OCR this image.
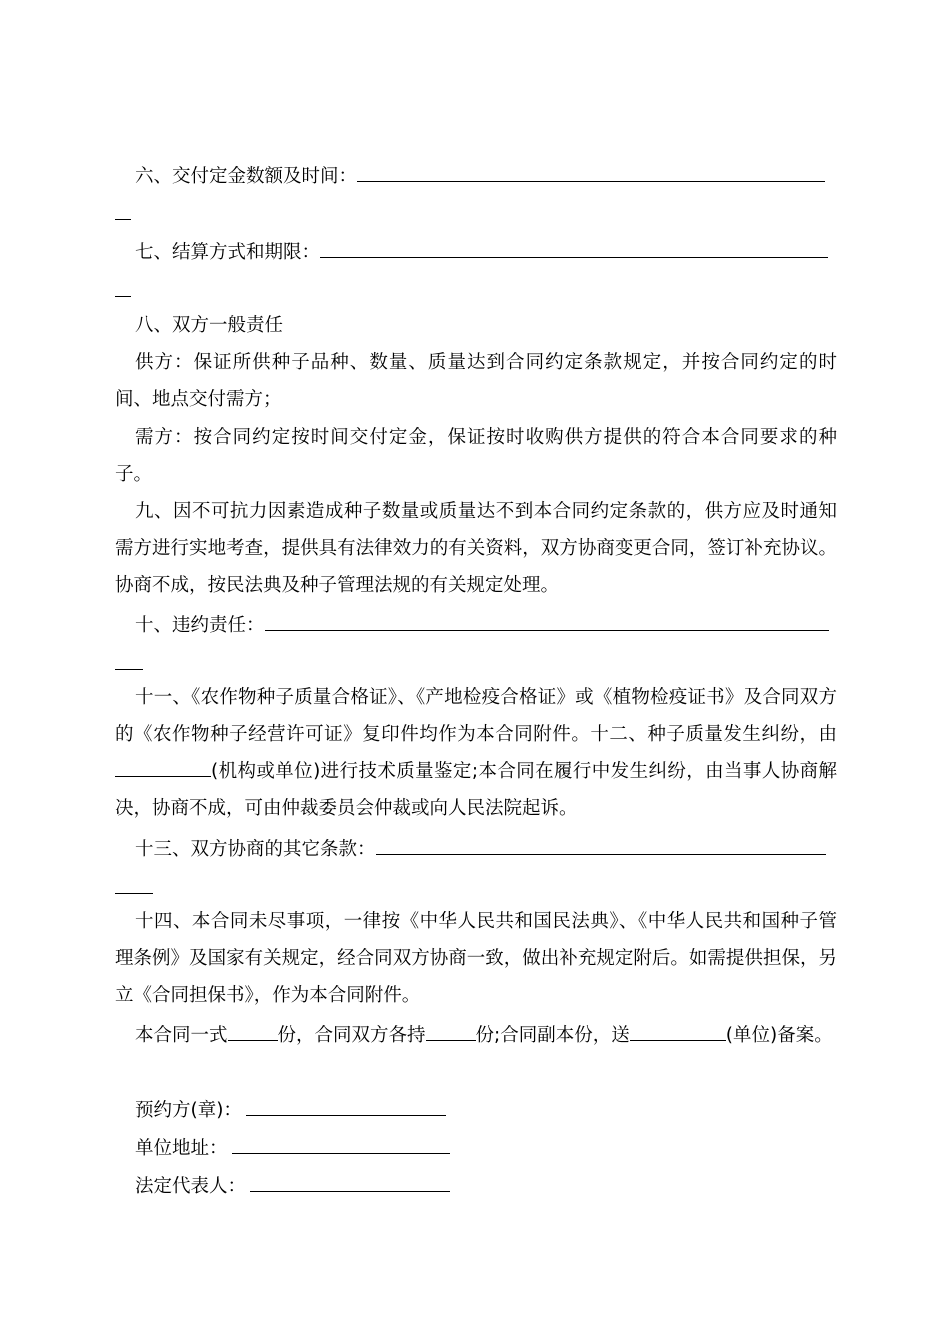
六、交付定金数额及时间：
七、结算方式和期限：
八、双方一般责任
供方：保证所供种子品种、数量、质量达到合同约定条款规定，并按合同约定的时间、地点交付需方；
需方：按合同约定按时间交付定金，保证按时收购供方提供的符合本合同要求的种子。
九、因不可抗力因素造成种子数量或质量达不到本合同约定条款的，供方应及时通知需方进行实地考查，提供具有法律效力的有关资料，双方协商变更合同，签订补充协议。协商不成，按民法典及种子管理法规的有关规定处理。
十、违约责任：
十一、《农作物种子质量合格证》、《产地检疫合格证》或《植物检疫证书》及合同双方的《农作物种子经营许可证》复印件均作为本合同附件。十二、种子质量发生纠纷，由(机构或单位)进行技术质量鉴定;本合同在履行中发生纠纷，由当事人协商解决，协商不成，可由仲裁委员会仲裁或向人民法院起诉。
十三、双方协商的其它条款：
十四、本合同未尽事项，一律按《中华人民共和国民法典》、《中华人民共和国种子管理条例》及国家有关规定，经合同双方协商一致，做出补充规定附后。如需提供担保，另立《合同担保书》，作为本合同附件。
本合同一式	份，合同双方各持	份;合同副本份，送	(单位)备案。
预约方(章)：
单位地址：
法定代表人：
